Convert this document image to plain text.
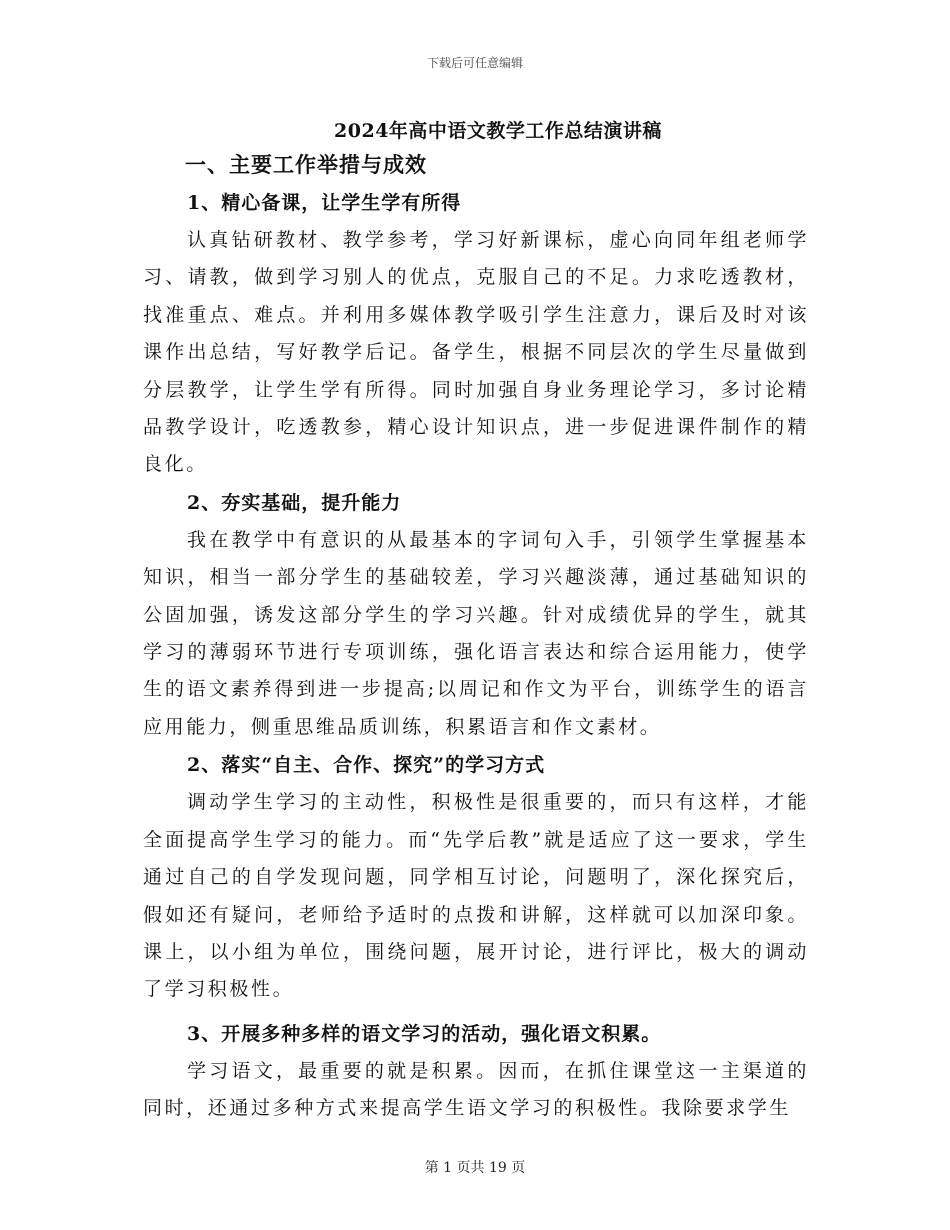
下载后可任意编辑
2024年高中语文教学工作总结演讲稿
一、主要工作举措与成效
1、精心备课，让学生学有所得

认真钻研教材、教学参考，学习好新课标，虚心向同年组老师学习、请教，做到学习别人的优点，克服自己的不足。力求吃透教材，找准重点、难点。并利用多媒体教学吸引学生注意力，课后及时对该课作出总结，写好教学后记。备学生，根据不同层次的学生尽量做到分层教学，让学生学有所得。同时加强自身业务理论学习，多讨论精品教学设计，吃透教参，精心设计知识点，进一步促进课件制作的精良化。

2、夯实基础，提升能力

我在教学中有意识的从最基本的字词句入手，引领学生掌握基本知识，相当一部分学生的基础较差，学习兴趣淡薄，通过基础知识的公固加强，诱发这部分学生的学习兴趣。针对成绩优异的学生，就其学习的薄弱环节进行专项训练，强化语言表达和综合运用能力，使学生的语文素养得到进一步提高;以周记和作文为平台，训练学生的语言应用能力，侧重思维品质训练，积累语言和作文素材。

2、落实“自主、合作、探究”的学习方式

调动学生学习的主动性，积极性是很重要的，而只有这样，才能全面提高学生学习的能力。而“先学后教”就是适应了这一要求，学生通过自己的自学发现问题，同学相互讨论，问题明了，深化探究后，假如还有疑问，老师给予适时的点拨和讲解，这样就可以加深印象。课上，以小组为单位，围绕问题，展开讨论，进行评比，极大的调动了学习积极性。

3、开展多种多样的语文学习的活动，强化语文积累。

学习语文，最重要的就是积累。因而，在抓住课堂这一主渠道的同时，还通过多种方式来提高学生语文学习的积极性。我除要求学生

第 1 页共 19 页
